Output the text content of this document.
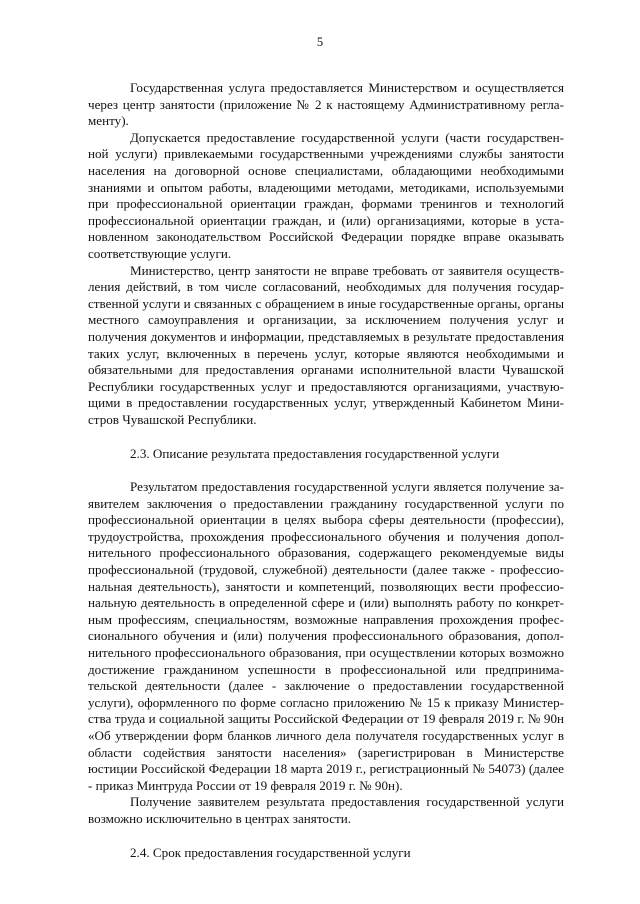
5

Государственная услуга предоставляется Министерством и осуществляется через центр занятости (приложение № 2 к настоящему Административному регламенту).

Допускается предоставление государственной услуги (части государственной услуги) привлекаемыми государственными учреждениями службы занятости населения на договорной основе специалистами, обладающими необходимыми знаниями и опытом работы, владеющими методами, методиками, используемыми при профессиональной ориентации граждан, формами тренингов и технологий профессиональной ориентации граждан, и (или) организациями, которые в установленном законодательством Российской Федерации порядке вправе оказывать соответствующие услуги.

Министерство, центр занятости не вправе требовать от заявителя осуществления действий, в том числе согласований, необходимых для получения государственной услуги и связанных с обращением в иные государственные органы, органы местного самоуправления и организации, за исключением получения услуг и получения документов и информации, представляемых в результате предоставления таких услуг, включенных в перечень услуг, которые являются необходимыми и обязательными для предоставления органами исполнительной власти Чувашской Республики государственных услуг и предоставляются организациями, участвующими в предоставлении государственных услуг, утвержденный Кабинетом Министров Чувашской Республики.

2.3. Описание результата предоставления государственной услуги

Результатом предоставления государственной услуги является получение заявителем заключения о предоставлении гражданину государственной услуги по профессиональной ориентации в целях выбора сферы деятельности (профессии), трудоустройства, прохождения профессионального обучения и получения дополнительного профессионального образования, содержащего рекомендуемые виды профессиональной (трудовой, служебной) деятельности (далее также - профессиональная деятельность), занятости и компетенций, позволяющих вести профессиональную деятельность в определенной сфере и (или) выполнять работу по конкретным профессиям, специальностям, возможные направления прохождения профессионального обучения и (или) получения профессионального образования, дополнительного профессионального образования, при осуществлении которых возможно достижение гражданином успешности в профессиональной или предпринимательской деятельности (далее - заключение о предоставлении государственной услуги), оформленного по форме согласно приложению № 15 к приказу Министерства труда и социальной защиты Российской Федерации от 19 февраля 2019 г. № 90н «Об утверждении форм бланков личного дела получателя государственных услуг в области содействия занятости населения» (зарегистрирован в Министерстве юстиции Российской Федерации 18 марта 2019 г., регистрационный № 54073) (далее - приказ Минтруда России от 19 февраля 2019 г. № 90н).

Получение заявителем результата предоставления государственной услуги возможно исключительно в центрах занятости.

2.4. Срок предоставления государственной услуги
